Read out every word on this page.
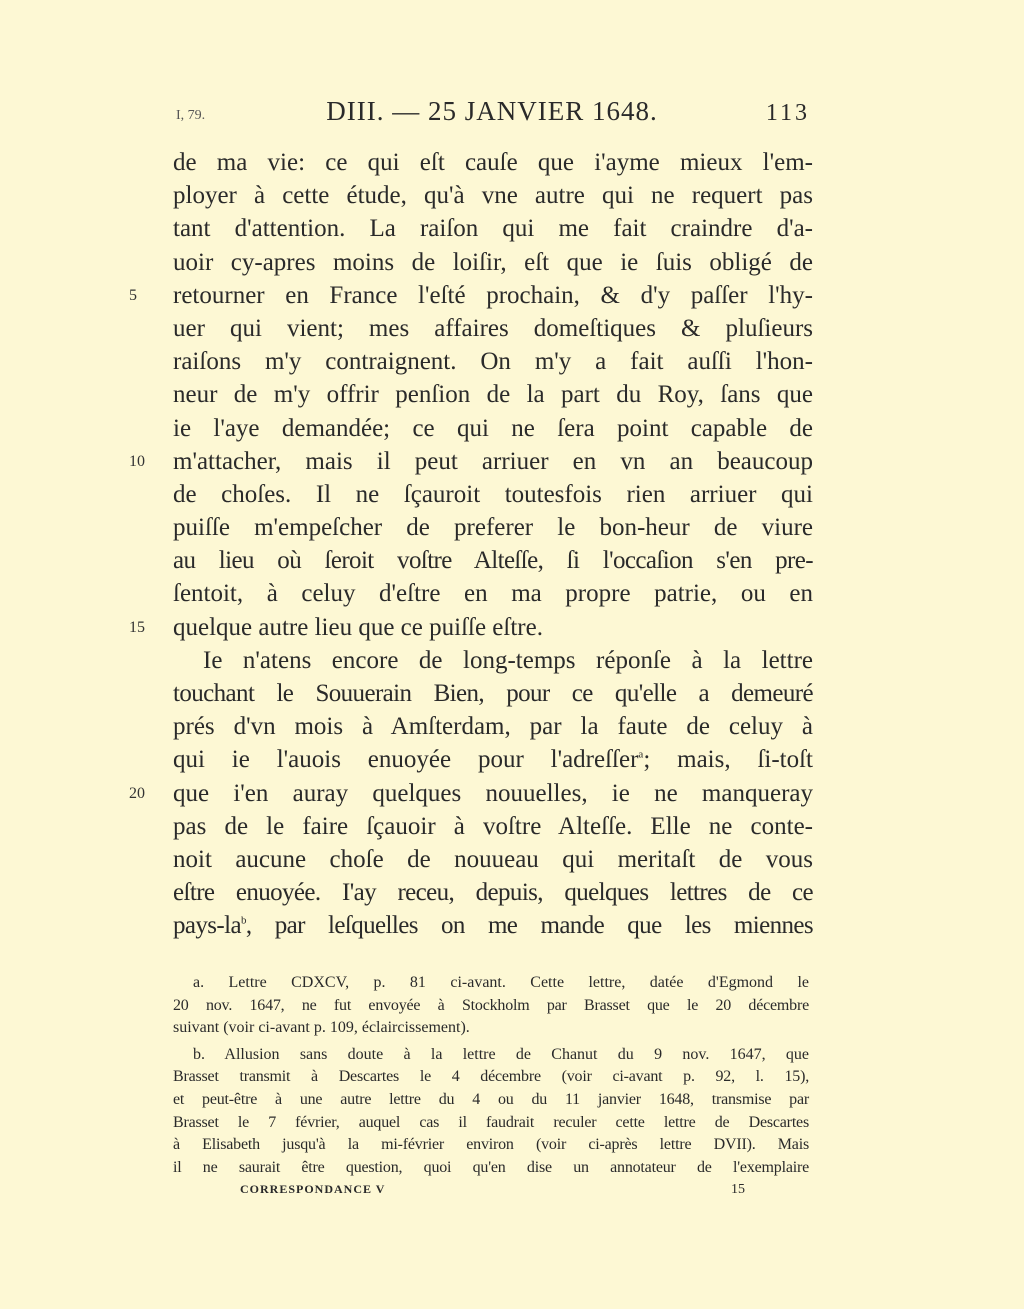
I, 79.	DIII. — 25 JANVIER 1648.	113
de ma vie: ce qui eſt cauſe que i'ayme mieux l'em-
ployer à cette étude, qu'à vne autre qui ne requert pas
tant d'attention. La raiſon qui me fait craindre d'a-
uoir cy-apres moins de loiſir, eſt que ie ſuis obligé de
5	retourner en France l'eſté prochain, & d'y paſſer l'hy-
uer qui vient; mes affaires domeſtiques & pluſieurs
raiſons m'y contraignent. On m'y a fait auſſi l'hon-
neur de m'y offrir penſion de la part du Roy, ſans que
ie l'aye demandée; ce qui ne ſera point capable de
10 m'attacher, mais il peut arriuer en vn an beaucoup
de choſes. Il ne ſçauroit toutesfois rien arriuer qui
puiſſe m'empeſcher de preferer le bon-heur de viure
au lieu où ſeroit voſtre Alteſſe, ſi l'occaſion s'en pre-
ſentoit, à celuy d'eſtre en ma propre patrie, ou en
15 quelque autre lieu que ce puiſſe eſtre.
Ie n'atens encore de long-temps réponſe à la lettre
touchant le Souuerain Bien, pour ce qu'elle a demeuré
prés d'vn mois à Amſterdam, par la faute de celuy à
qui ie l'auois enuoyée pour l'adreſſer$^a$; mais, ſi-toſt
20 que i'en auray quelques nouuelles, ie ne manqueray
pas de le faire ſçauoir à voſtre Alteſſe. Elle ne conte-
noit aucune choſe de nouueau qui meritaſt de vous
eſtre enuoyée. I'ay receu, depuis, quelques lettres de ce
pays-$la^b$, par leſquelles on me mande que les miennes
a. Lettre CDXCV, p. 81 ci-avant. Cette lettre, datée d'Egmond le
20 nov. 1647, ne fut envoyée à Stockholm par Brasset que le 20 décembre
suivant (voir ci-avant p. 109, éclaircissement).
b. Allusion sans doute à la lettre de Chanut du 9 nov. 1647, que
Brasset transmit à Descartes le 4 décembre (voir ci-avant p. 92, l. 15),
et peut-être à une autre lettre du 4 ou du 11 janvier 1648, transmise par
Brasset le 7 février, auquel cas il faudrait reculer cette lettre de Descartes
à Elisabeth jusqu'à la mi-février environ (voir ci-après lettre DVII). Mais
il ne saurait être question, quoi qu'en dise un annotateur de l'exemplaire
CORRESPONDANCE V	15
